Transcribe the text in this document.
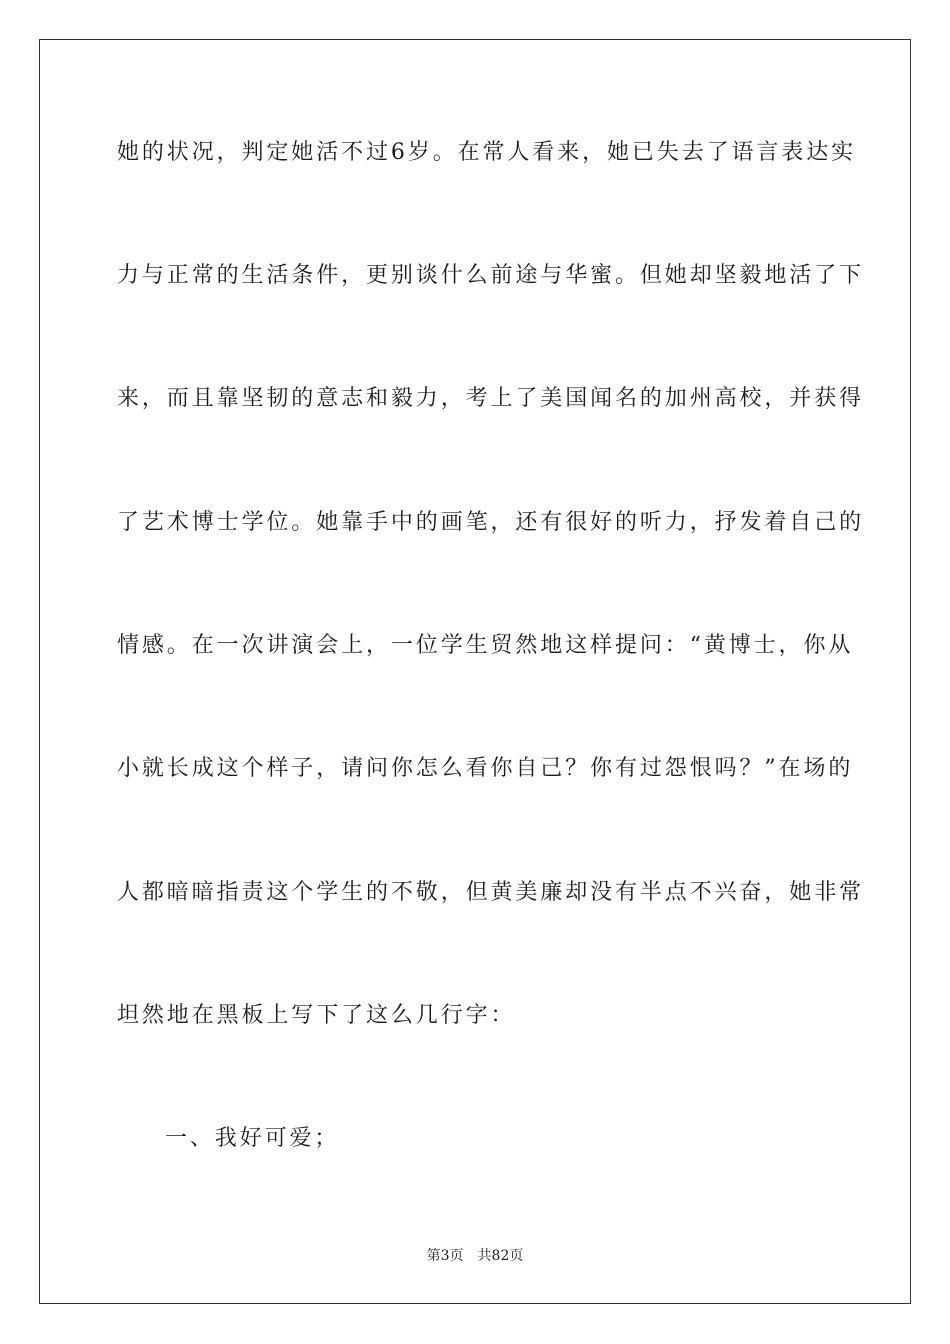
她的状况，判定她活不过6岁。在常人看来，她已失去了语言表达实
力与正常的生活条件，更别谈什么前途与华蜜。但她却坚毅地活了下
来，而且靠坚韧的意志和毅力，考上了美国闻名的加州高校，并获得
了艺术博士学位。她靠手中的画笔，还有很好的听力，抒发着自己的
情感。在一次讲演会上，一位学生贸然地这样提问：“黄博士，你从
小就长成这个样子，请问你怎么看你自己？你有过怨恨吗？”在场的
人都暗暗指责这个学生的不敬，但黄美廉却没有半点不兴奋，她非常
坦然地在黑板上写下了这么几行字：
一、我好可爱；
第3页 共82页
